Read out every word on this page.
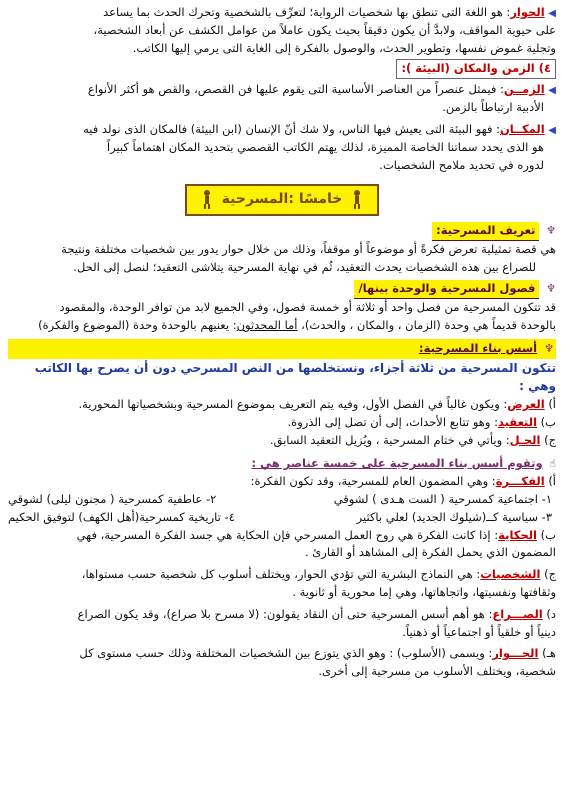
◀ الحوار: هو اللغة التى تنطق بها شخصيات الرواية؛ لتعرِّف بالشخصية وتحرك الحدث بما يساعد

على حيوية المواقف، ولابدَّ أن يكون دقيقاً بحيث يكون عاملاً من عوامل الكشف عن أبعاد الشخصية،

وتجلية غموض نفسها، وتطوير الحدث، والوصول بالفكرة إلى الغاية التى يرمي إليها الكاتب.

٤) الزمن والمكان (البيئة ):

◀ الزمــن: فيمثل عنصراً من العناصر الأساسية التى يقوم عليها فن القصص، والقص هو أكثر الأنواع

الأدبية ارتباطاً بالزمن.

◀ المكــان: فهو البيئة التى يعيش فيها الناس، ولا شك أنّ الإنسان (ابن البيئة) فالمكان الذى نولد فيه

هو الذى يحدد سماتنا الخاصة المميزة، لذلك يهتم الكاتب القصصي بتحديد المكان اهتماماً كبيراً

لدوره في تحديد ملامح الشخصيات.

خامسًا :المسرحية

♆ تعريف المسرحية:

هي قصة تمثيلية تعرض فكرةً أو موضوعاً أو موقفاً، وذلك من خلال حوار يدور بين شخصيات مختلفة ونتيجة

للصراع بين هذه الشخصيات يحدث التعقيد، ثُم في نهاية المسرحية يتلاشى التعقيد؛ لنصل إلى الحل.

♆ فصول المسرحية والوحدة بينها/

قد تتكون المسرحية من فصل واحد أو ثلاثة أو خمسة فصول، وفي الجميع لابد من توافر الوحدة، والمقصود

بالوحدة قديماً هي وحدة (الزمان ، والمكان ، والحدث)، أما المحدثون: يعنيهم بالوحدة وحدة (الموضوع والفكرة)

♆ أسس بناء المسرحية:

تتكون المسرحية من ثلاثة أجزاء، ونستخلصها من النص المسرحي دون أن يصرح بها الكاتب وهي :

أ) العرض: ويكون غالباً في الفصل الأول، وفيه يتم التعريف بموضوع المسرحية وبشخصياتها المحورية.

ب) التعقيد: وهو تتابع الأحداث، إلى أن تصل إلى الذروة.

ج) الحـل: ويأتي في ختام المسرحية ، ويُزيل التعقيد السابق.

☝ وتقوم أسس بناء المسرحية على خمسة عناصر هي :

أ) الفكـــرة: وهي المضمون العام للمسرحية، وقد تكون الفكرة:

١- اجتماعية كمسرحية ( الست هـدى ) لشوقي
٢- عاطفية كمسرحية ( مجنون ليلى) لشوقي
٣- سياسية كــ(شيلوك الجديد) لعلي باكثير
٤- تاريخية كمسرحية(أهل الكهف) لتوفيق الحكيم

ب) الحكاية: إذا كانت الفكرة هي روح العمل المسرحي فإن الحكاية هي جسد الفكرة المسرحية، فهي

المضمون الذي يحمل الفكرة إلى المشاهد أو القارئ .

ج) الشخصيات: هي النماذج البشرية التي تؤدي الحوار، ويختلف أسلوب كل شخصية حسب مستواها،

وثقافتها ونفسيتها، واتجاهاتها، وهي إما محورية أو ثانوية .

د) الصـــراع: هو أهم أسس المسرحية حتى أن النقاد يقولون: (لا مسرح بلا صراع)، وقد يكون الصراع

دينياً أو خلقياً أو اجتماعياً أو ذهنياً.

هـ) الحـــوار: ويسمى (الأسلوب) : وهو الذي يتوزع بين الشخصيات المختلفة وذلك حسب مستوى كل

شخصية، ويختلف الأسلوب من مسرحية إلى أخرى.
